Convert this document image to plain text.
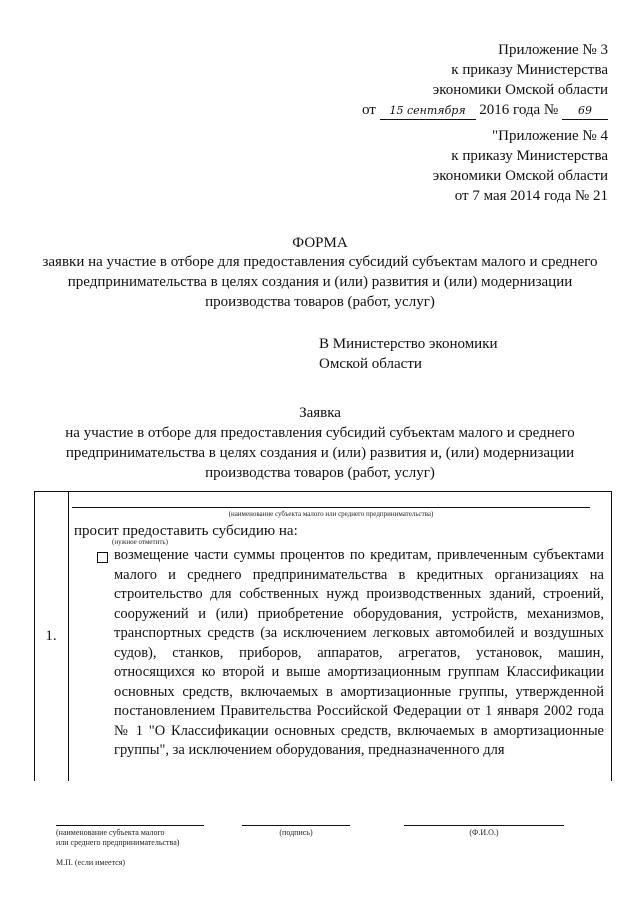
Приложение № 3
к приказу Министерства
экономики Омской области
от 15 сентября 2016 года № 69
"Приложение № 4
к приказу Министерства
экономики Омской области
от 7 мая 2014 года № 21
ФОРМА
заявки на участие в отборе для предоставления субсидий субъектам малого и среднего
предпринимательства в целях создания и (или) развития и (или) модернизации
производства товаров (работ, услуг)
В Министерство экономики
Омской области
Заявка
на участие в отборе для предоставления субсидий субъектам малого и среднего
предпринимательства в целях создания и (или) развития и, (или) модернизации
производства товаров (работ, услуг)
1.
(наименование субъекта малого или среднего предпринимательства)
просит предоставить субсидию на:
(нужное отметить)
возмещение части суммы процентов по кредитам, привлеченным субъектами малого и среднего предпринимательства в кредитных организациях на строительство для собственных нужд производственных зданий, строений, сооружений и (или) приобретение оборудования, устройств, механизмов, транспортных средств (за исключением легковых автомобилей и воздушных судов), станков, приборов, аппаратов, агрегатов, установок, машин, относящихся ко второй и выше амортизационным группам Классификации основных средств, включаемых в амортизационные группы, утвержденной постановлением Правительства Российской Федерации от 1 января 2002 года № 1 "О Классификации основных средств, включаемых в амортизационные группы", за исключением оборудования, предназначенного для
(наименование субъекта малого
или среднего предпринимательства)
(подпись)	(Ф.И.О.)
М.П. (если имеется)
